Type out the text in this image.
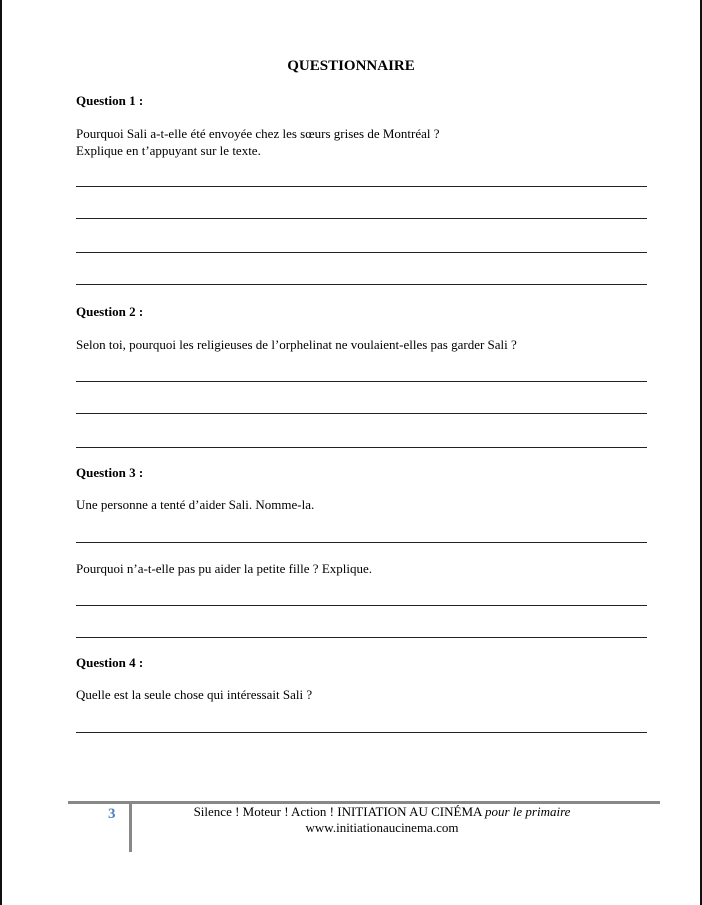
QUESTIONNAIRE
Question 1 :
Pourquoi Sali a-t-elle été envoyée chez les sœurs grises de Montréal ?
Explique en t’appuyant sur le texte.
Question 2 :
Selon toi, pourquoi les religieuses de l’orphelinat ne voulaient-elles pas garder Sali ?
Question 3 :
Une personne a tenté d’aider Sali. Nomme-la.
Pourquoi n’a-t-elle pas pu aider la petite fille ? Explique.
Question 4 :
Quelle est la seule chose qui intéressait Sali ?
3	Silence ! Moteur ! Action ! INITIATION AU CINÉMA pour le primaire
www.initiationaucinema.com
